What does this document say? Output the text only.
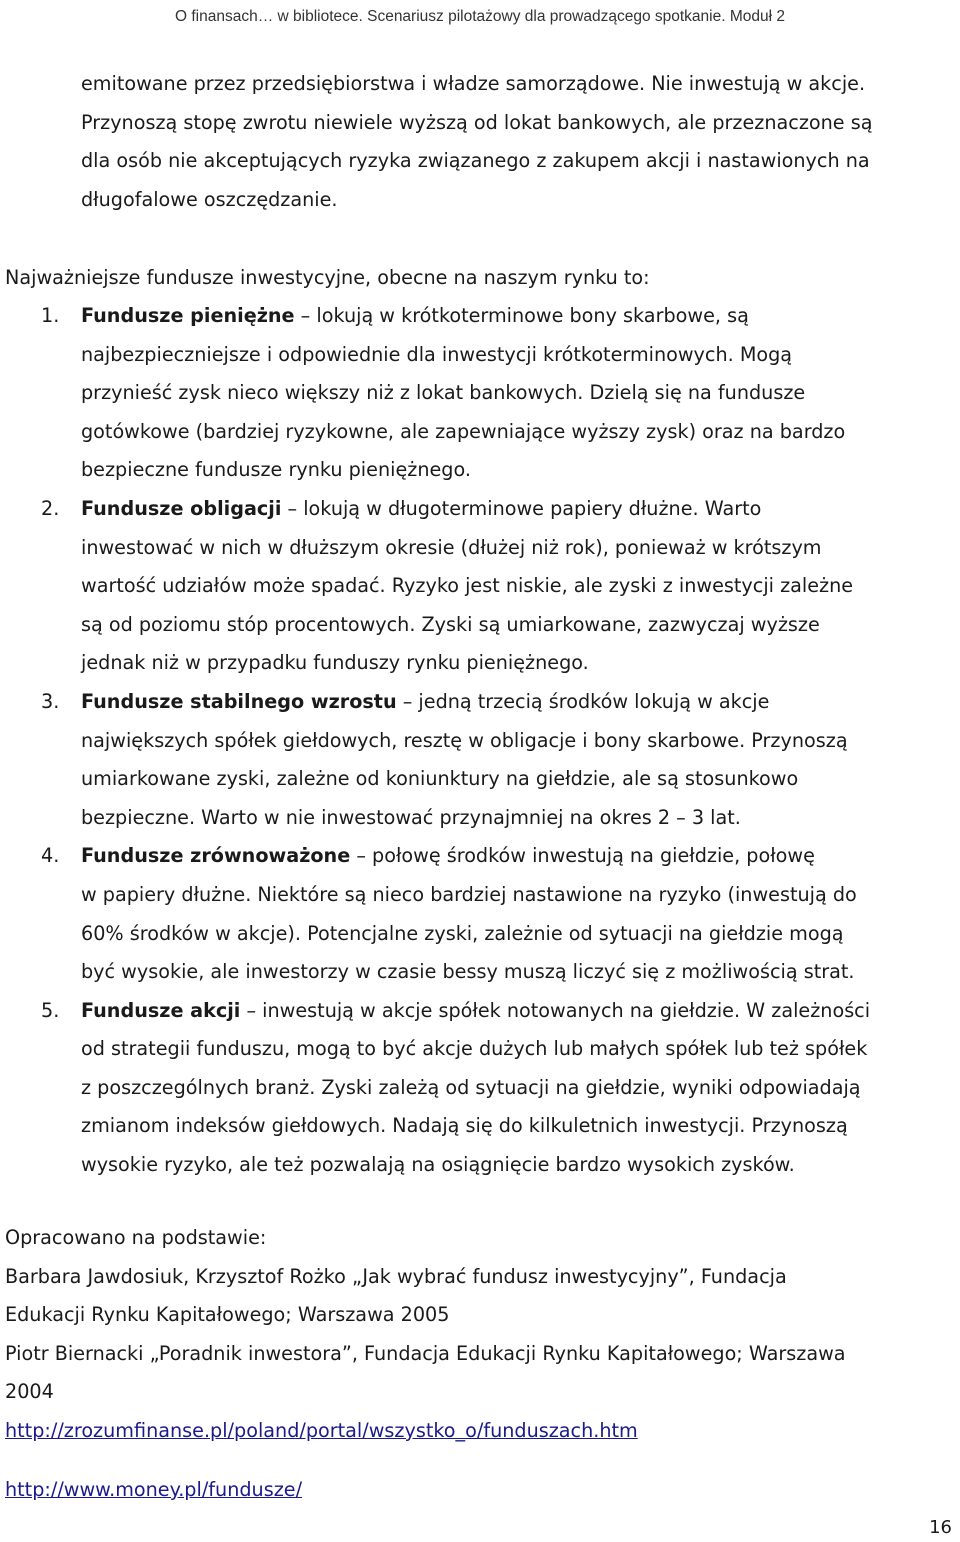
O finansach… w bibliotece. Scenariusz pilotażowy dla prowadzącego spotkanie. Moduł 2
emitowane przez przedsiębiorstwa i władze samorządowe. Nie inwestują w akcje.
Przynoszą stopę zwrotu niewiele wyższą od lokat bankowych, ale przeznaczone są
dla osób nie akceptujących ryzyka związanego z zakupem akcji i nastawionych na
długofalowe oszczędzanie.
Najważniejsze fundusze inwestycyjne, obecne na naszym rynku to:
1. Fundusze pieniężne – lokują w krótkoterminowe bony skarbowe, są
najbezpieczniejsze i odpowiednie dla inwestycji krótkoterminowych. Mogą
przynieść zysk nieco większy niż z lokat bankowych. Dzielą się na fundusze
gotówkowe (bardziej ryzykowne, ale zapewniające wyższy zysk) oraz na bardzo
bezpieczne fundusze rynku pieniężnego.
2. Fundusze obligacji – lokują w długoterminowe papiery dłużne. Warto
inwestować w nich w dłuższym okresie (dłużej niż rok), ponieważ w krótszym
wartość udziałów może spadać. Ryzyko jest niskie, ale zyski z inwestycji zależne
są od poziomu stóp procentowych. Zyski są umiarkowane, zazwyczaj wyższe
jednak niż w przypadku funduszy rynku pieniężnego.
3. Fundusze stabilnego wzrostu – jedną trzecią środków lokują w akcje
największych spółek giełdowych, resztę w obligacje i bony skarbowe. Przynoszą
umiarkowane zyski, zależne od koniunktury na giełdzie, ale są stosunkowo
bezpieczne. Warto w nie inwestować przynajmniej na okres 2 – 3 lat.
4. Fundusze zrównoważone – połowę środków inwestują na giełdzie, połowę
w papiery dłużne. Niektóre są nieco bardziej nastawione na ryzyko (inwestują do
60% środków w akcje). Potencjalne zyski, zależnie od sytuacji na giełdzie mogą
być wysokie, ale inwestorzy w czasie bessy muszą liczyć się z możliwością strat.
5. Fundusze akcji – inwestują w akcje spółek notowanych na giełdzie. W zależności
od strategii funduszu, mogą to być akcje dużych lub małych spółek lub też spółek
z poszczególnych branż. Zyski zależą od sytuacji na giełdzie, wyniki odpowiadają
zmianom indeksów giełdowych. Nadają się do kilkuletnich inwestycji. Przynoszą
wysokie ryzyko, ale też pozwalają na osiągnięcie bardzo wysokich zysków.
Opracowano na podstawie:
Barbara Jawdosiuk, Krzysztof Rożko „Jak wybrać fundusz inwestycyjny”, Fundacja
Edukacji Rynku Kapitałowego; Warszawa 2005
Piotr Biernacki „Poradnik inwestora”, Fundacja Edukacji Rynku Kapitałowego; Warszawa
2004
http://zrozumfinanse.pl/poland/portal/wszystko_o/funduszach.htm
http://www.money.pl/fundusze/
16
